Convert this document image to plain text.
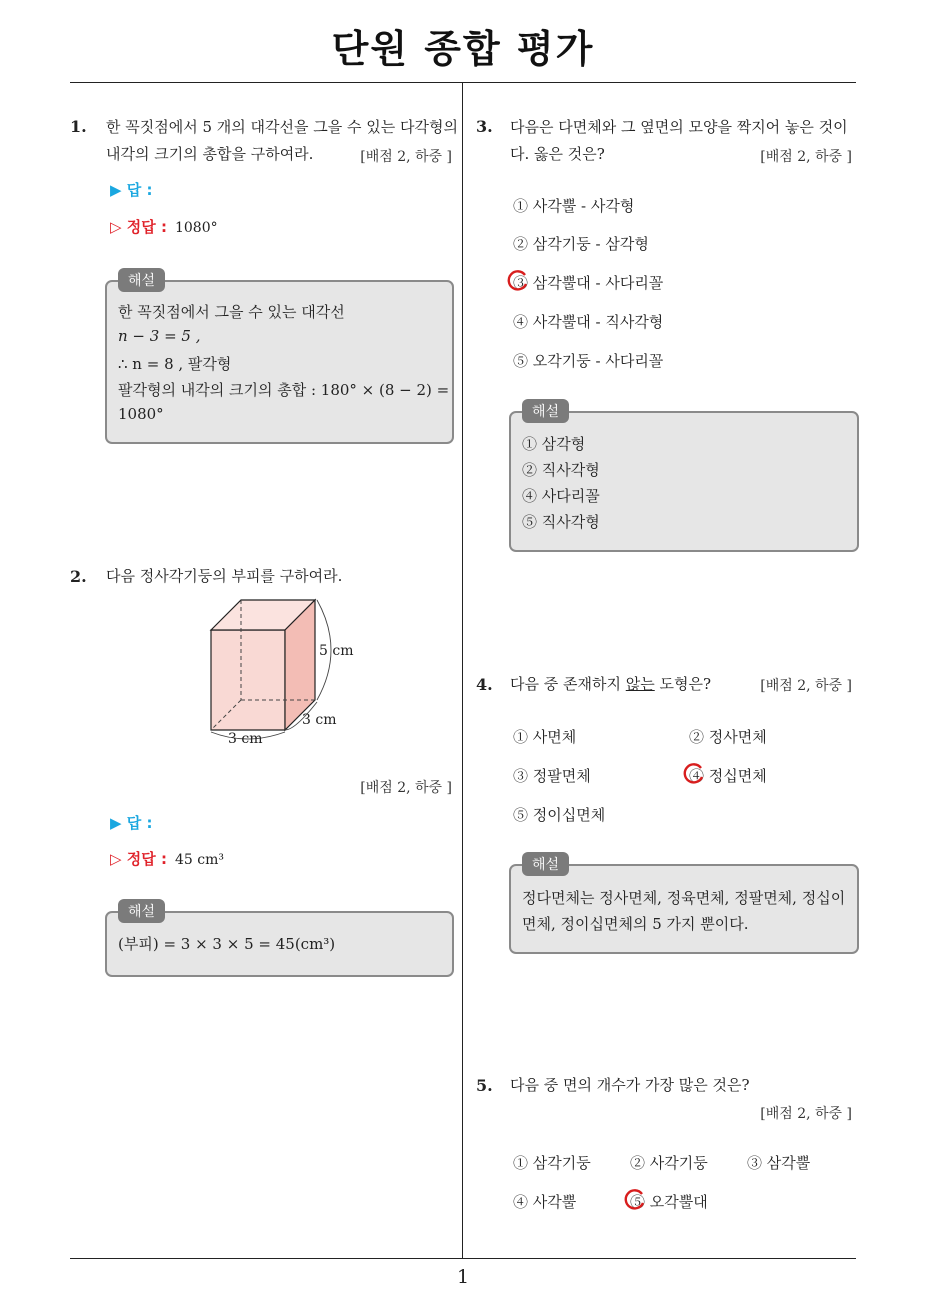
단원 종합 평가
1
1. 한 꼭짓점에서 5 개의 대각선을 그을 수 있는 다각형의
내각의 크기의 총합을 구하여라.	[배점 2, 하중 ]
▶ 답 :
▷ 정답 : 1080°
해설
한 꼭짓점에서 그을 수 있는 대각선
n − 3 = 5 ,
∴ n = 8 , 팔각형
팔각형의 내각의 크기의 총합 : 180° × (8 − 2) =
1080°
2. 다음 정사각기둥의 부피를 구하여라.
5 cm
3 cm
3 cm
[배점 2, 하중 ]
▶ 답 :
▷ 정답 : 45 cm³
해설
(부피) = 3 × 3 × 5 = 45(cm³)
3. 다음은 다면체와 그 옆면의 모양을 짝지어 놓은 것이
다. 옳은 것은?	[배점 2, 하중 ]
① 사각뿔 - 사각형
② 삼각기둥 - 삼각형
③ 삼각뿔대 - 사다리꼴
④ 사각뿔대 - 직사각형
⑤ 오각기둥 - 사다리꼴
해설
① 삼각형
② 직사각형
④ 사다리꼴
⑤ 직사각형
4. 다음 중 존재하지 않는 도형은?	[배점 2, 하중 ]
① 사면체	② 정사면체
③ 정팔면체	④ 정십면체
⑤ 정이십면체
해설
정다면체는 정사면체, 정육면체, 정팔면체, 정십이
면체, 정이십면체의 5 가지 뿐이다.
5. 다음 중 면의 개수가 가장 많은 것은?
[배점 2, 하중 ]
① 삼각기둥	② 사각기둥	③ 삼각뿔
④ 사각뿔	⑤ 오각뿔대
